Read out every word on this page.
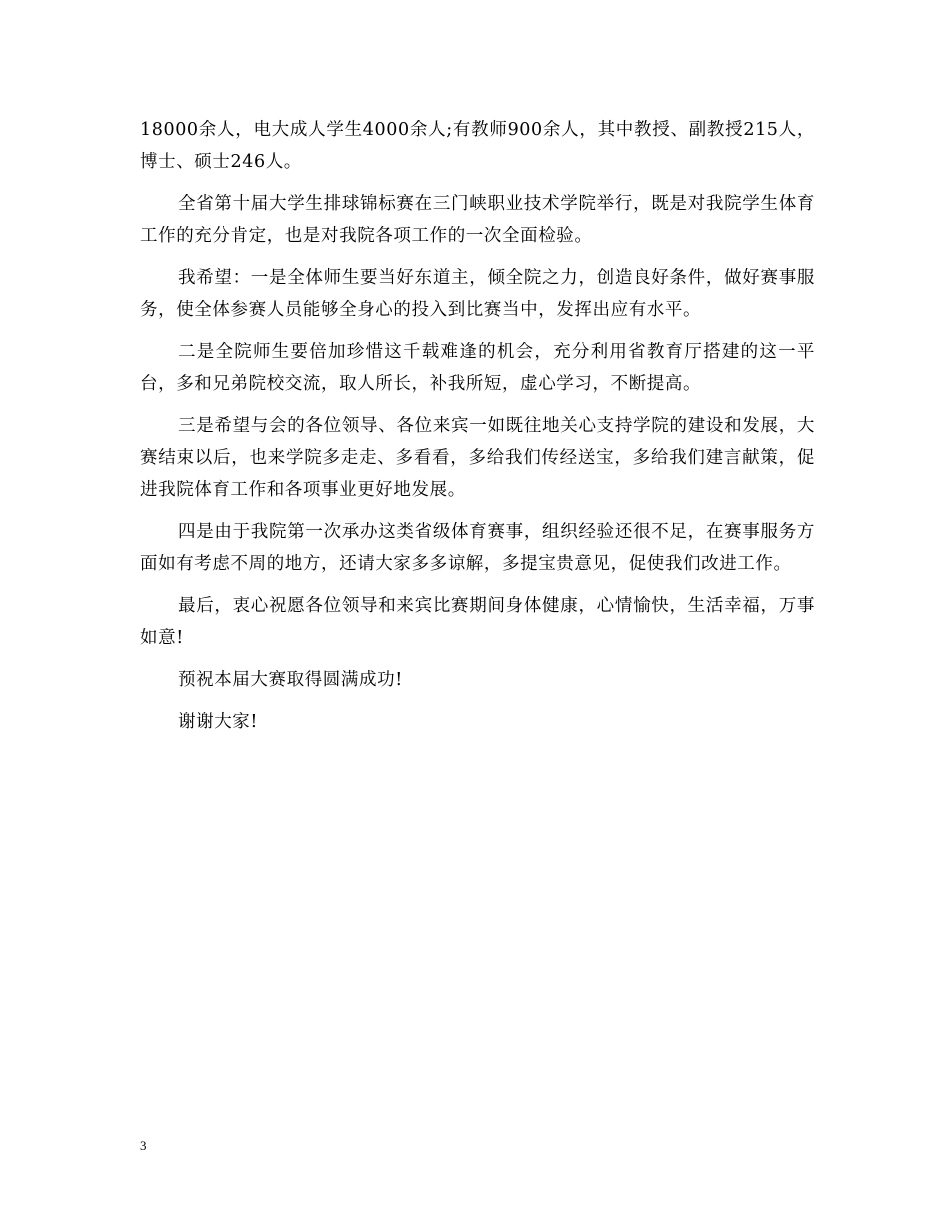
18000余人，电大成人学生4000余人;有教师900余人，其中教授、副教授215人，博士、硕士246人。

全省第十届大学生排球锦标赛在三门峡职业技术学院举行，既是对我院学生体育工作的充分肯定，也是对我院各项工作的一次全面检验。

我希望：一是全体师生要当好东道主，倾全院之力，创造良好条件，做好赛事服务，使全体参赛人员能够全身心的投入到比赛当中，发挥出应有水平。

二是全院师生要倍加珍惜这千载难逢的机会，充分利用省教育厅搭建的这一平台，多和兄弟院校交流，取人所长，补我所短，虚心学习，不断提高。

三是希望与会的各位领导、各位来宾一如既往地关心支持学院的建设和发展，大赛结束以后，也来学院多走走、多看看，多给我们传经送宝，多给我们建言献策，促进我院体育工作和各项事业更好地发展。

四是由于我院第一次承办这类省级体育赛事，组织经验还很不足，在赛事服务方面如有考虑不周的地方，还请大家多多谅解，多提宝贵意见，促使我们改进工作。

最后，衷心祝愿各位领导和来宾比赛期间身体健康，心情愉快，生活幸福，万事如意!

预祝本届大赛取得圆满成功!

谢谢大家!

3
